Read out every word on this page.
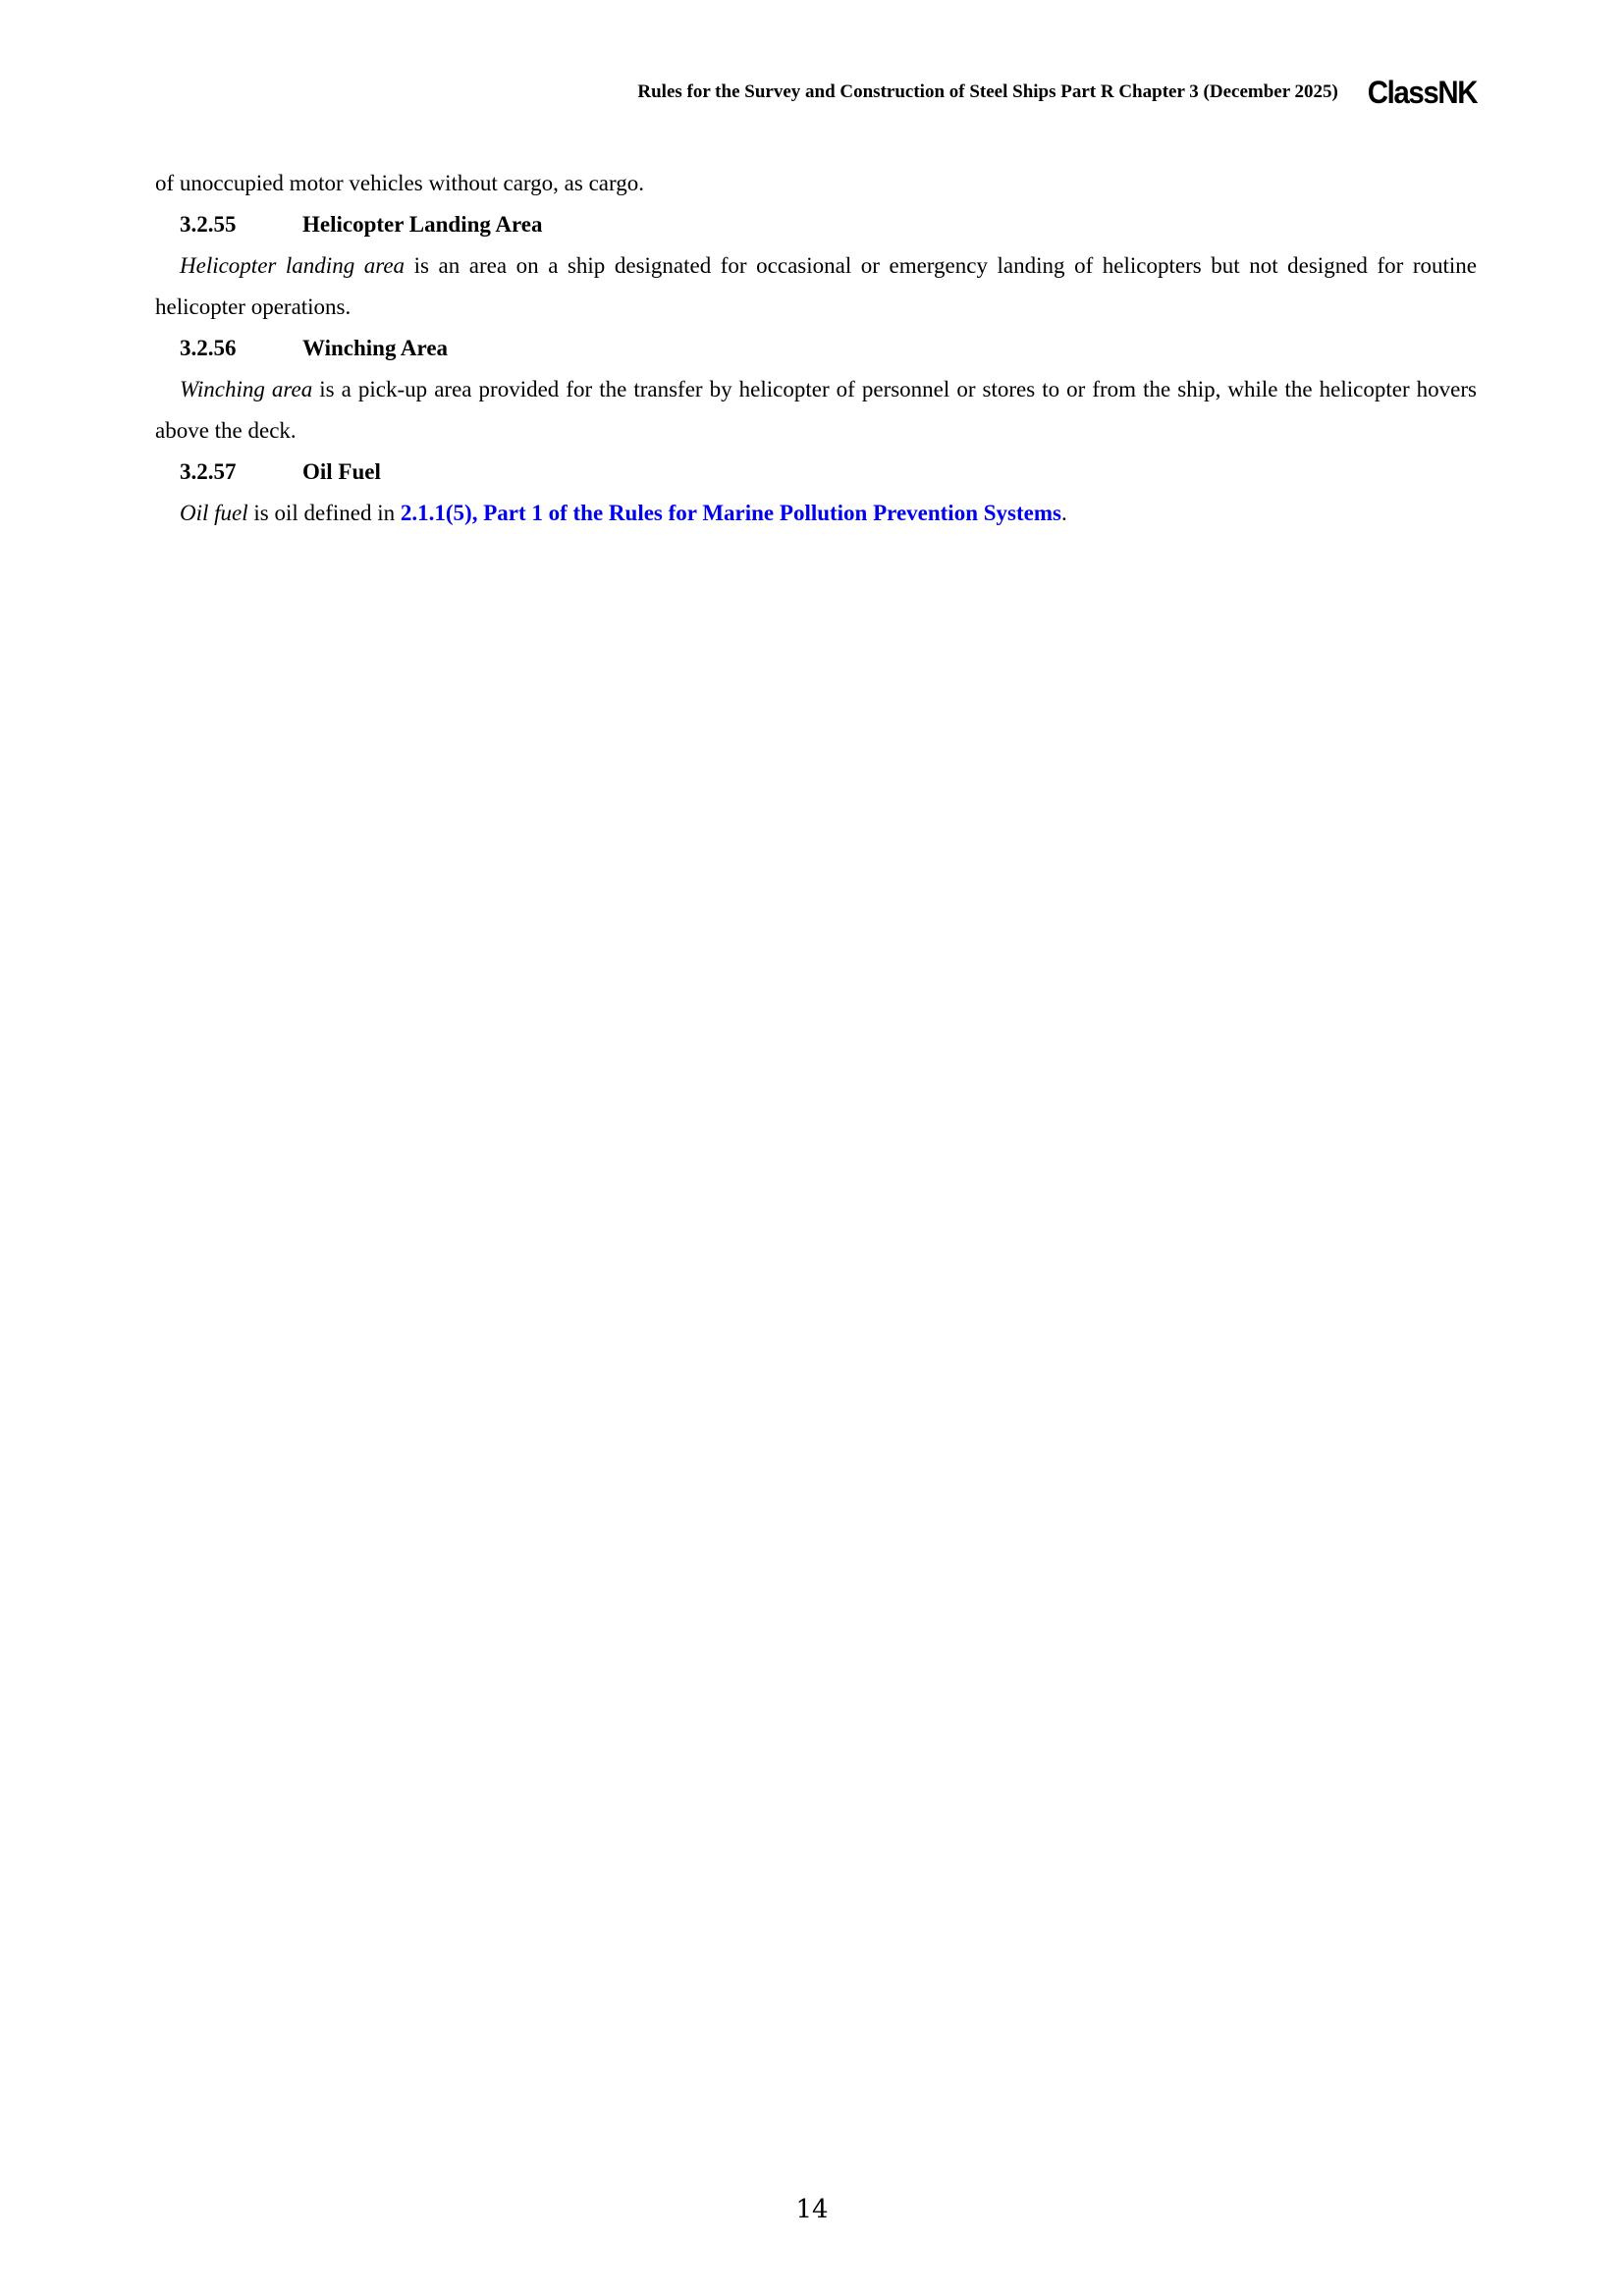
Rules for the Survey and Construction of Steel Ships Part R Chapter 3 (December 2025) ClassNK

of unoccupied motor vehicles without cargo, as cargo.

3.2.55	Helicopter Landing Area

Helicopter landing area is an area on a ship designated for occasional or emergency landing of helicopters but not designed for routine helicopter operations.

3.2.56	Winching Area

Winching area is a pick-up area provided for the transfer by helicopter of personnel or stores to or from the ship, while the helicopter hovers above the deck.

3.2.57	Oil Fuel

Oil fuel is oil defined in 2.1.1(5), Part 1 of the Rules for Marine Pollution Prevention Systems.

14
